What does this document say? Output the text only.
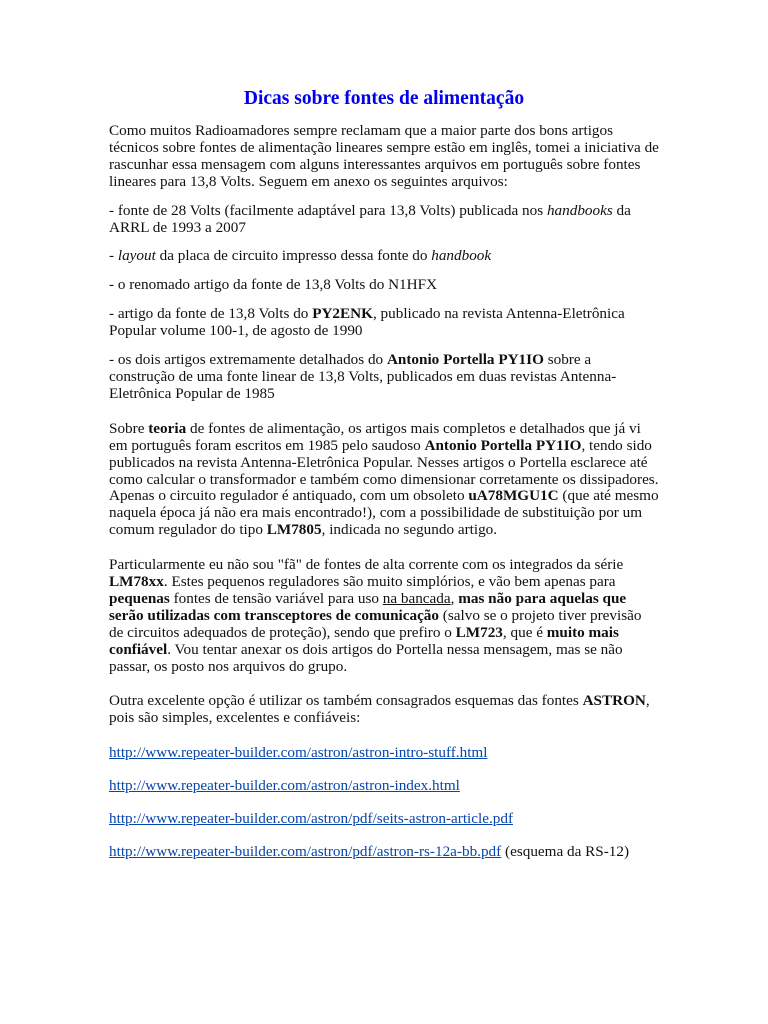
Dicas sobre fontes de alimentação

Como muitos Radioamadores sempre reclamam que a maior parte dos bons artigos técnicos sobre fontes de alimentação lineares sempre estão em inglês, tomei a iniciativa de rascunhar essa mensagem com alguns interessantes arquivos em português sobre fontes lineares para 13,8 Volts. Seguem em anexo os seguintes arquivos:

- fonte de 28 Volts (facilmente adaptável para 13,8 Volts) publicada nos handbooks da ARRL de 1993 a 2007

- layout da placa de circuito impresso dessa fonte do handbook

- o renomado artigo da fonte de 13,8 Volts do N1HFX

- artigo da fonte de 13,8 Volts do PY2ENK, publicado na revista Antenna-Eletrônica Popular volume 100-1, de agosto de 1990

- os dois artigos extremamente detalhados do Antonio Portella PY1IO sobre a construção de uma fonte linear de 13,8 Volts, publicados em duas revistas Antenna-Eletrônica Popular de 1985

Sobre teoria de fontes de alimentação, os artigos mais completos e detalhados que já vi em português foram escritos em 1985 pelo saudoso Antonio Portella PY1IO, tendo sido publicados na revista Antenna-Eletrônica Popular. Nesses artigos o Portella esclarece até como calcular o transformador e também como dimensionar corretamente os dissipadores. Apenas o circuito regulador é antiquado, com um obsoleto uA78MGU1C (que até mesmo naquela época já não era mais encontrado!), com a possibilidade de substituição por um comum regulador do tipo LM7805, indicada no segundo artigo.

Particularmente eu não sou "fã" de fontes de alta corrente com os integrados da série LM78xx. Estes pequenos reguladores são muito simplórios, e vão bem apenas para pequenas fontes de tensão variável para uso na bancada, mas não para aquelas que serão utilizadas com transceptores de comunicação (salvo se o projeto tiver previsão de circuitos adequados de proteção), sendo que prefiro o LM723, que é muito mais confiável. Vou tentar anexar os dois artigos do Portella nessa mensagem, mas se não passar, os posto nos arquivos do grupo.

Outra excelente opção é utilizar os também consagrados esquemas das fontes ASTRON, pois são simples, excelentes e confiáveis:

http://www.repeater-builder.com/astron/astron-intro-stuff.html

http://www.repeater-builder.com/astron/astron-index.html

http://www.repeater-builder.com/astron/pdf/seits-astron-article.pdf

http://www.repeater-builder.com/astron/pdf/astron-rs-12a-bb.pdf (esquema da RS-12)
